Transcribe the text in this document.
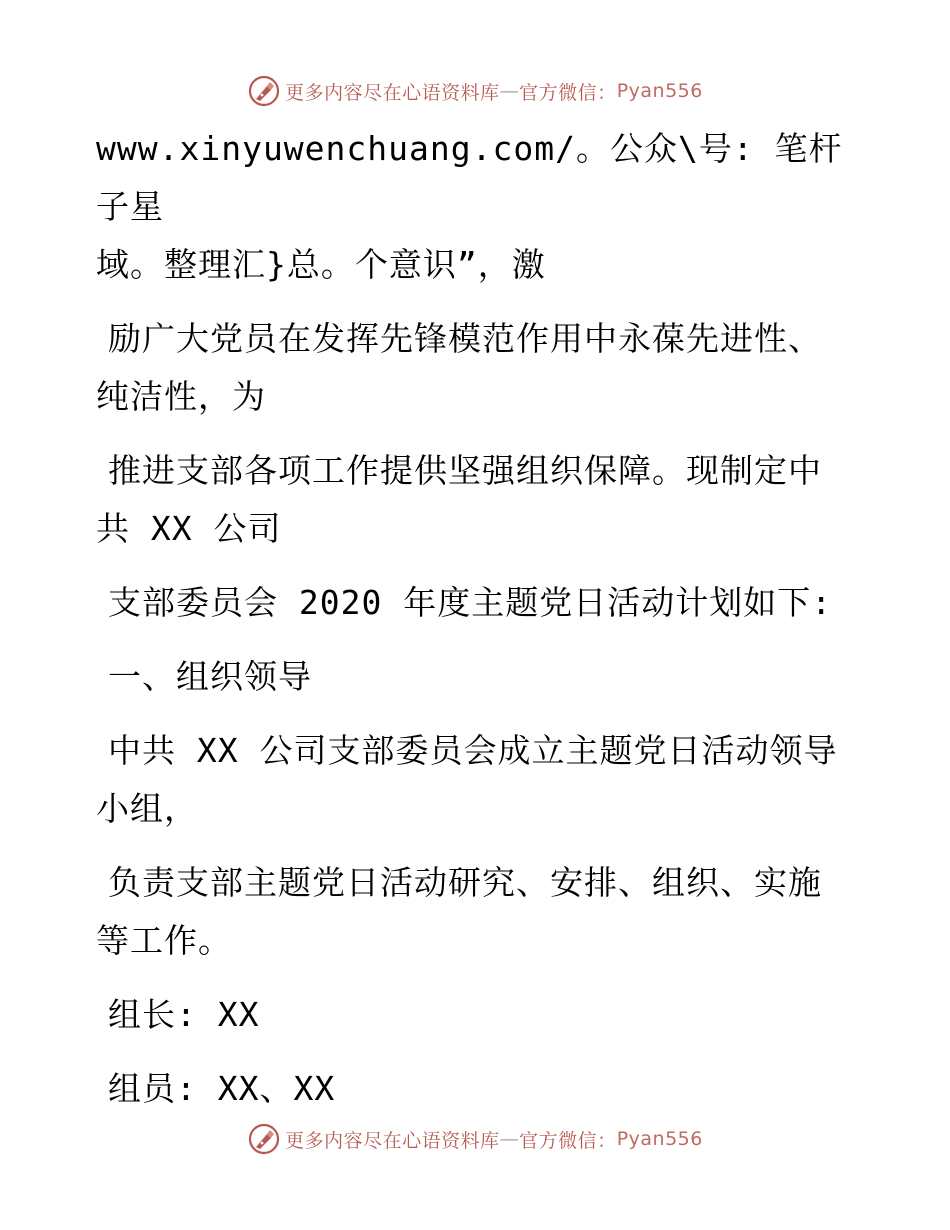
更多内容尽在心语资料库 — 官方微信： Pyan556
www.xinyuwenchuang.com/。公众\号: 笔杆子星
域。整理汇}总。个意识”，激
励广大党员在发挥先锋模范作用中永葆先进性、
纯洁性，为
推进支部各项工作提供坚强组织保障。现制定中
共 XX 公司
支部委员会 2020 年度主题党日活动计划如下:
一、组织领导
中共 XX 公司支部委员会成立主题党日活动领导
小组，
负责支部主题党日活动研究、安排、组织、实施
等工作。
组长: XX
组员: XX、XX
更多内容尽在心语资料库 — 官方微信： Pyan556
